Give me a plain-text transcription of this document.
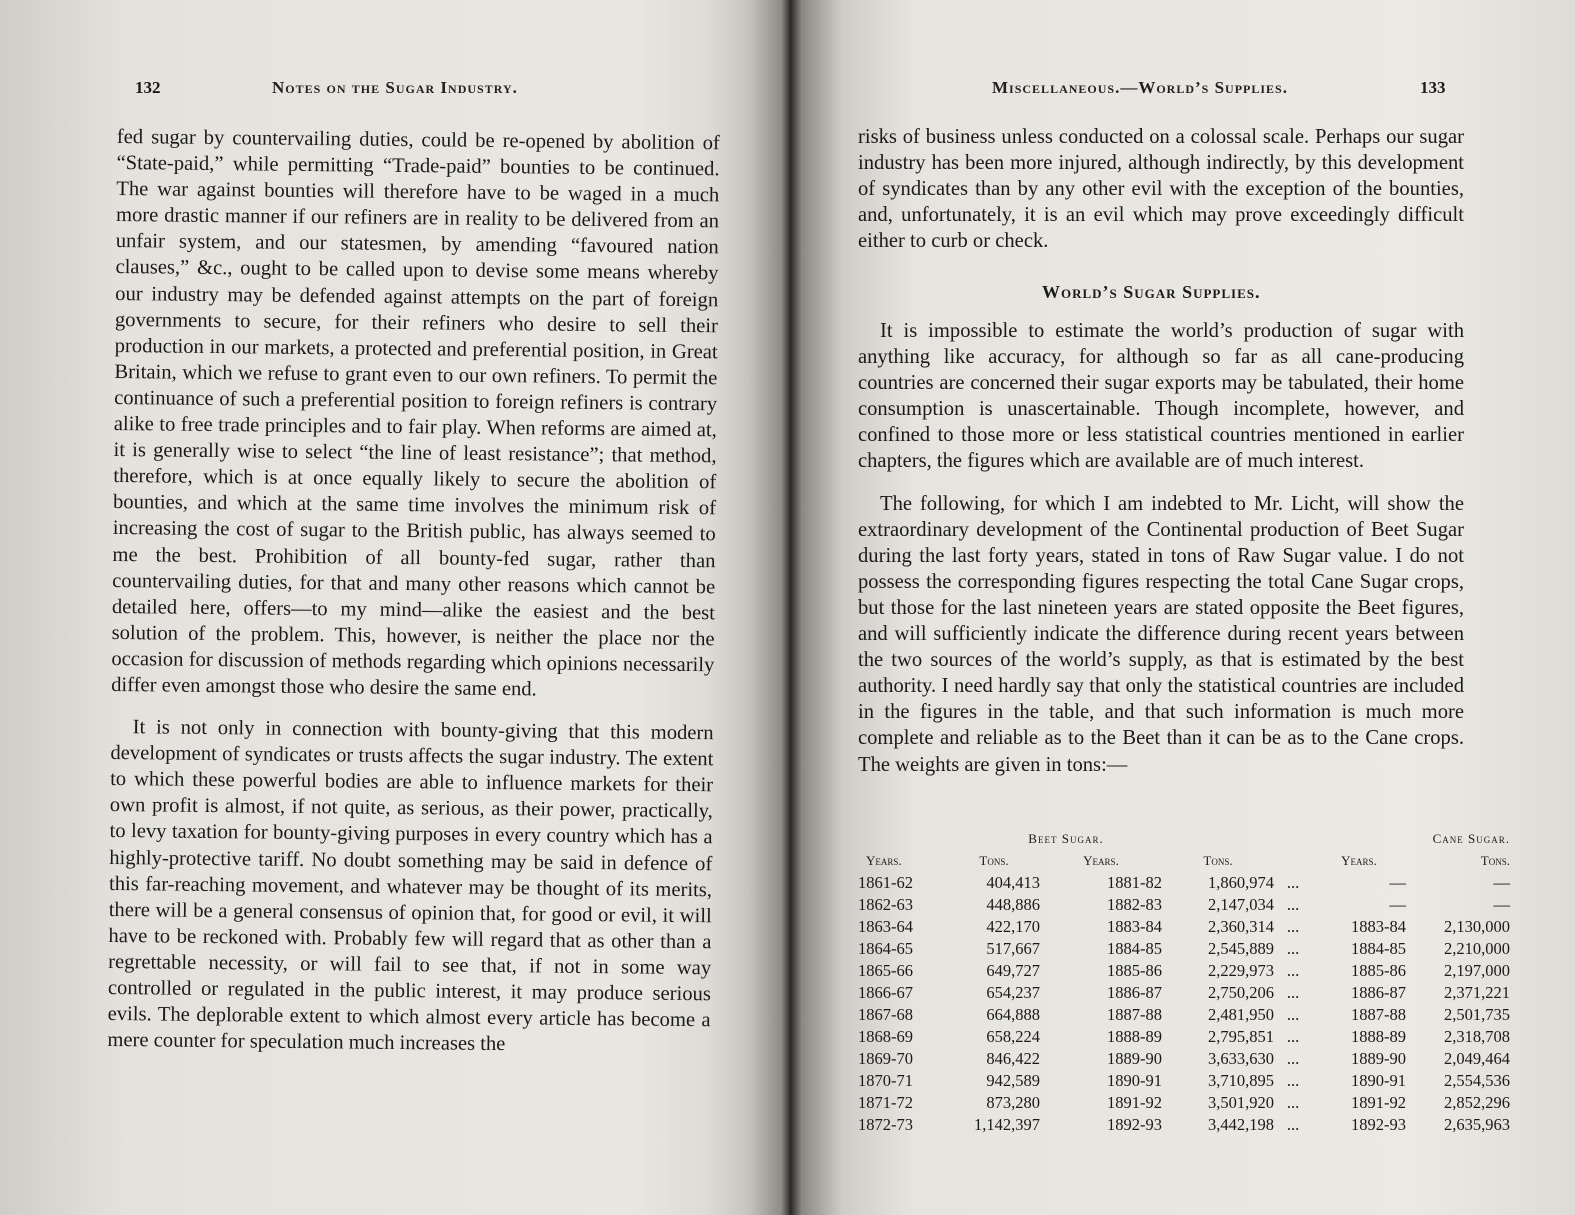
132	Notes on the Sugar Industry.

fed sugar by countervailing duties, could be re-opened by abolition of “State-paid,” while permitting “Trade-paid” bounties to be continued. The war against bounties will therefore have to be waged in a much more drastic manner if our refiners are in reality to be delivered from an unfair system, and our statesmen, by amending “favoured nation clauses,” &c., ought to be called upon to devise some means whereby our industry may be defended against attempts on the part of foreign governments to secure, for their refiners who desire to sell their production in our markets, a protected and preferential position, in Great Britain, which we refuse to grant even to our own refiners. To permit the continuance of such a preferential position to foreign refiners is contrary alike to free trade principles and to fair play. When reforms are aimed at, it is generally wise to select “the line of least resistance”; that method, therefore, which is at once equally likely to secure the abolition of bounties, and which at the same time involves the minimum risk of increasing the cost of sugar to the British public, has always seemed to me the best. Prohibition of all bounty-fed sugar, rather than countervailing duties, for that and many other reasons which cannot be detailed here, offers—to my mind—alike the easiest and the best solution of the problem. This, however, is neither the place nor the occasion for discussion of methods regarding which opinions necessarily differ even amongst those who desire the same end.

It is not only in connection with bounty-giving that this modern development of syndicates or trusts affects the sugar industry. The extent to which these powerful bodies are able to influence markets for their own profit is almost, if not quite, as serious, as their power, practically, to levy taxation for bounty-giving purposes in every country which has a highly-protective tariff. No doubt something may be said in defence of this far-reaching movement, and whatever may be thought of its merits, there will be a general consensus of opinion that, for good or evil, it will have to be reckoned with. Probably few will regard that as other than a regrettable necessity, or will fail to see that, if not in some way controlled or regulated in the public interest, it may produce serious evils. The deplorable extent to which almost every article has become a mere counter for speculation much increases the

Miscellaneous.—World’s Supplies.	133

risks of business unless conducted on a colossal scale. Perhaps our sugar industry has been more injured, although indirectly, by this development of syndicates than by any other evil with the exception of the bounties, and, unfortunately, it is an evil which may prove exceedingly difficult either to curb or check.

World’s Sugar Supplies.

It is impossible to estimate the world’s production of sugar with anything like accuracy, for although so far as all cane-producing countries are concerned their sugar exports may be tabulated, their home consumption is unascertainable. Though incomplete, however, and confined to those more or less statistical countries mentioned in earlier chapters, the figures which are available are of much interest.

The following, for which I am indebted to Mr. Licht, will show the extraordinary development of the Continental production of Beet Sugar during the last forty years, stated in tons of Raw Sugar value. I do not possess the corresponding figures respecting the total Cane Sugar crops, but those for the last nineteen years are stated opposite the Beet figures, and will sufficiently indicate the difference during recent years between the two sources of the world’s supply, as that is estimated by the best authority. I need hardly say that only the statistical countries are included in the figures in the table, and that such information is much more complete and reliable as to the Beet than it can be as to the Cane crops. The weights are given in tons:—

Beet Sugar.					Cane Sugar.	
Years.	Tons.	Years.	Tons.		Years.	Tons.
1861-62	404,413	1881-82	1,860,974	...	—	—
1862-63	448,886	1882-83	2,147,034	...	—	—
1863-64	422,170	1883-84	2,360,314	...	1883-84	2,130,000
1864-65	517,667	1884-85	2,545,889	...	1884-85	2,210,000
1865-66	649,727	1885-86	2,229,973	...	1885-86	2,197,000
1866-67	654,237	1886-87	2,750,206	...	1886-87	2,371,221
1867-68	664,888	1887-88	2,481,950	...	1887-88	2,501,735
1868-69	658,224	1888-89	2,795,851	...	1888-89	2,318,708
1869-70	846,422	1889-90	3,633,630	...	1889-90	2,049,464
1870-71	942,589	1890-91	3,710,895	...	1890-91	2,554,536
1871-72	873,280	1891-92	3,501,920	...	1891-92	2,852,296
1872-73	1,142,397	1892-93	3,442,198	...	1892-93	2,635,963
